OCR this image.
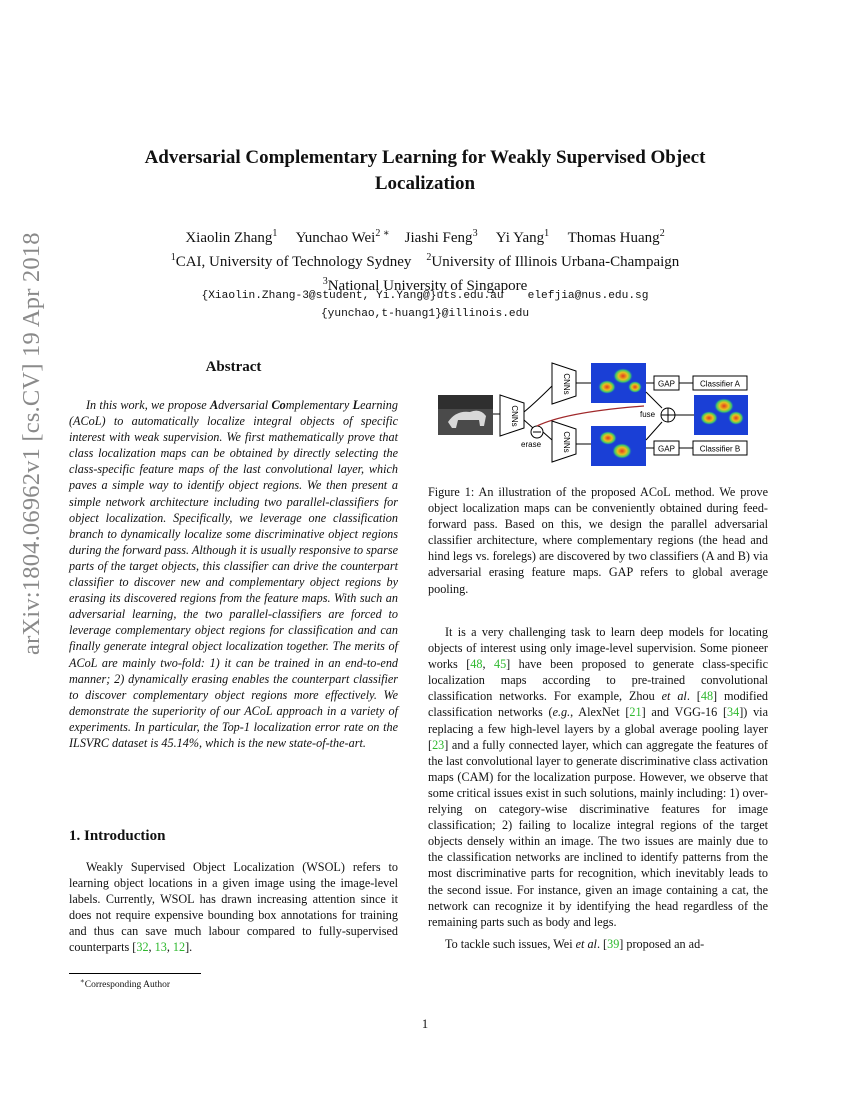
arXiv:1804.06962v1 [cs.CV] 19 Apr 2018
Adversarial Complementary Learning for Weakly Supervised Object
Localization
Xiaolin Zhang$^1$ Yunchao Wei$^{2 ∗}$ Jiashi Feng$^3$ Yi Yang$^1$ Thomas Huang$^2$
$^1$CAI, University of Technology Sydney $^2$University of Illinois Urbana-Champaign
$^3$National University of Singapore
{Xiaolin.Zhang-3@student, Yi.Yang@}uts.edu.au elefjia@nus.edu.sg
{yunchao,t-huang1}@illinois.edu
Abstract

In this work, we propose Adversarial Complementary Learning (ACoL) to automatically localize integral objects of specific interest with weak supervision. We first mathematically prove that class localization maps can be obtained by directly selecting the class-specific feature maps of the last convolutional layer, which paves a simple way to identify object regions. We then present a simple network architecture including two parallel-classifiers for object localization. Specifically, we leverage one classification branch to dynamically localize some discriminative object regions during the forward pass. Although it is usually responsive to sparse parts of the target objects, this classifier can drive the counterpart classifier to discover new and complementary object regions by erasing its discovered regions from the feature maps. With such an adversarial learning, the two parallel-classifiers are forced to leverage complementary object regions for classification and can finally generate integral object localization together. The merits of ACoL are mainly two-fold: 1) it can be trained in an end-to-end manner; 2) dynamically erasing enables the counterpart classifier to discover complementary object regions more effectively. We demonstrate the superiority of our ACoL approach in a variety of experiments. In particular, the Top-1 localization error rate on the ILSVRC dataset is 45.14%, which is the new state-of-the-art.

1. Introduction

Weakly Supervised Object Localization (WSOL) refers to learning object locations in a given image using the image-level labels. Currently, WSOL has drawn increasing attention since it does not require expensive bounding box annotations for training and thus can save much labour compared to fully-supervised counterparts [32, 13, 12].

∗Corresponding Author
CNNs
erase
CNNs
CNNs
GAP	Classifier A
GAP	Classifier B
fuse
Figure 1: An illustration of the proposed ACoL method. We prove object localization maps can be conveniently obtained during feed-forward pass. Based on this, we design the parallel adversarial classifier architecture, where complementary regions (the head and hind legs vs. forelegs) are discovered by two classifiers (A and B) via adversarial erasing feature maps. GAP refers to global average pooling.

It is a very challenging task to learn deep models for locating objects of interest using only image-level supervision. Some pioneer works [48, 45] have been proposed to generate class-specific localization maps according to pre-trained convolutional classification networks. For example, Zhou et al. [48] modified classification networks (e.g., AlexNet [21] and VGG-16 [34]) via replacing a few high-level layers by a global average pooling layer [23] and a fully connected layer, which can aggregate the features of the last convolutional layer to generate discriminative class activation maps (CAM) for the localization purpose. However, we observe that some critical issues exist in such solutions, mainly including: 1) over-relying on category-wise discriminative features for image classification; 2) failing to localize integral regions of the target objects densely within an image. The two issues are mainly due to the classification networks are inclined to identify patterns from the most discriminative parts for recognition, which inevitably leads to the second issue. For instance, given an image containing a cat, the network can recognize it by identifying the head regardless of the remaining parts such as body and legs.

To tackle such issues, Wei et al. [39] proposed an ad-

1
